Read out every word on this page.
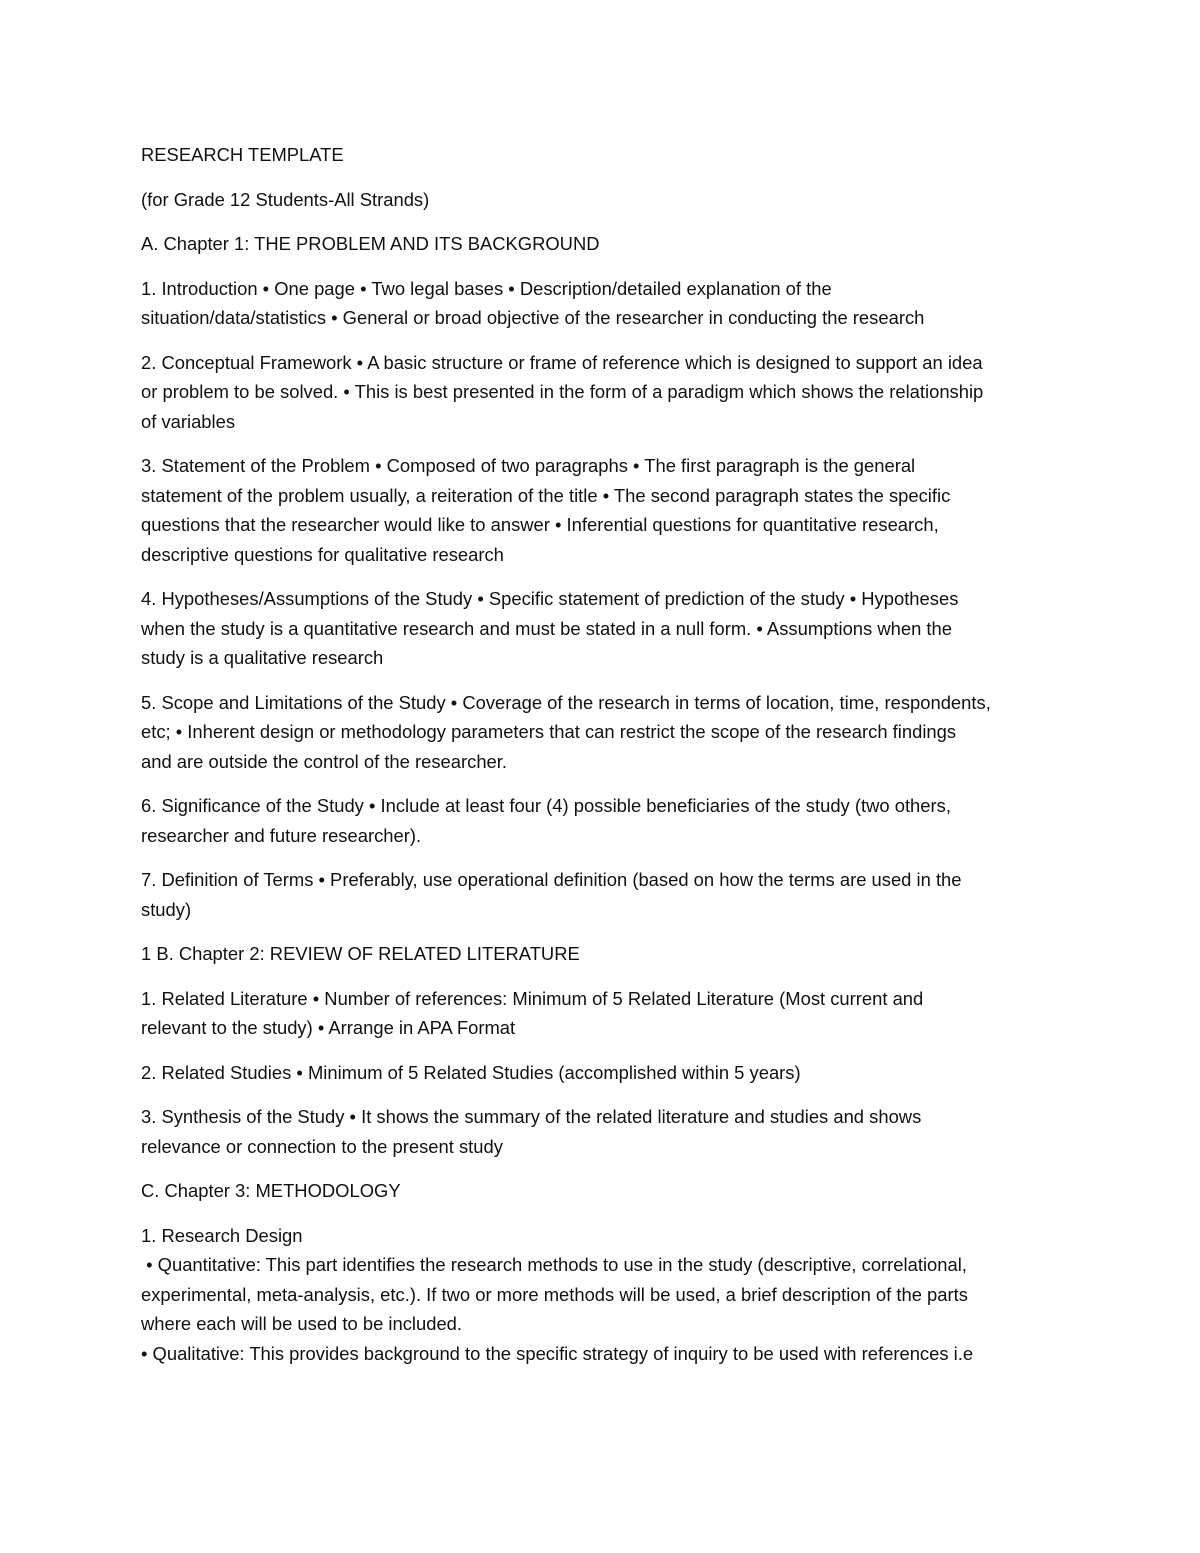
RESEARCH TEMPLATE

(for Grade 12 Students-All Strands)

A. Chapter 1: THE PROBLEM AND ITS BACKGROUND

1. Introduction • One page • Two legal bases • Description/detailed explanation of the

situation/data/statistics • General or broad objective of the researcher in conducting the research

2. Conceptual Framework • A basic structure or frame of reference which is designed to support an idea

or problem to be solved. • This is best presented in the form of a paradigm which shows the relationship

of variables

3. Statement of the Problem • Composed of two paragraphs • The first paragraph is the general

statement of the problem usually, a reiteration of the title • The second paragraph states the specific

questions that the researcher would like to answer • Inferential questions for quantitative research,

descriptive questions for qualitative research

4. Hypotheses/Assumptions of the Study • Specific statement of prediction of the study • Hypotheses

when the study is a quantitative research and must be stated in a null form. • Assumptions when the

study is a qualitative research

5. Scope and Limitations of the Study • Coverage of the research in terms of location, time, respondents,

etc; • Inherent design or methodology parameters that can restrict the scope of the research findings

and are outside the control of the researcher.

6. Significance of the Study • Include at least four (4) possible beneficiaries of the study (two others,

researcher and future researcher).

7. Definition of Terms • Preferably, use operational definition (based on how the terms are used in the

study)

1 B. Chapter 2: REVIEW OF RELATED LITERATURE

1. Related Literature • Number of references: Minimum of 5 Related Literature (Most current and

relevant to the study) • Arrange in APA Format

2. Related Studies • Minimum of 5 Related Studies (accomplished within 5 years)

3. Synthesis of the Study • It shows the summary of the related literature and studies and shows

relevance or connection to the present study

C. Chapter 3: METHODOLOGY

1. Research Design

• Quantitative: This part identifies the research methods to use in the study (descriptive, correlational,

experimental, meta-analysis, etc.). If two or more methods will be used, a brief description of the parts

where each will be used to be included.

• Qualitative: This provides background to the specific strategy of inquiry to be used with references i.e
